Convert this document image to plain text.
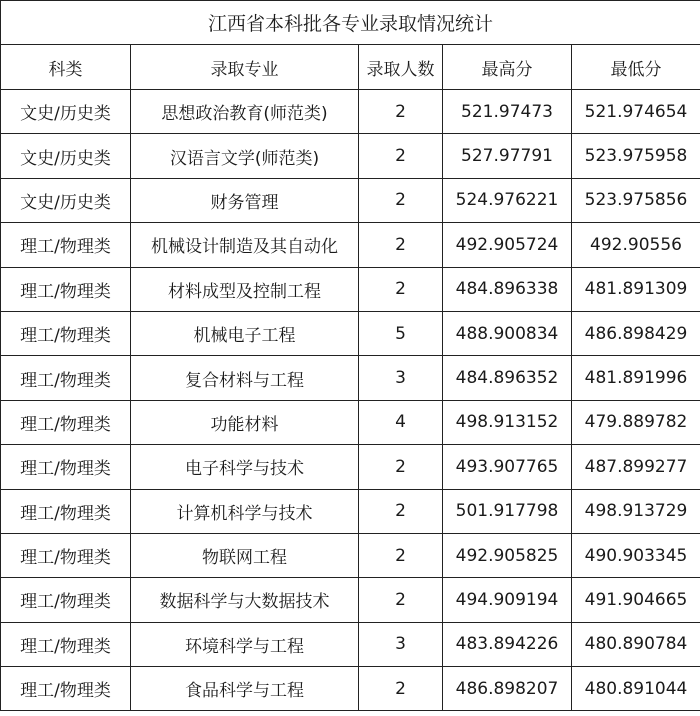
江西省本科批各专业录取情况统计				
科类	录取专业	录取人数	最高分	最低分
文史/历史类	思想政治教育(师范类)	2	521.97473	521.974654
文史/历史类	汉语言文学(师范类)	2	527.97791	523.975958
文史/历史类	财务管理	2	524.976221	523.975856
理工/物理类	机械设计制造及其自动化	2	492.905724	492.90556
理工/物理类	材料成型及控制工程	2	484.896338	481.891309
理工/物理类	机械电子工程	5	488.900834	486.898429
理工/物理类	复合材料与工程	3	484.896352	481.891996
理工/物理类	功能材料	4	498.913152	479.889782
理工/物理类	电子科学与技术	2	493.907765	487.899277
理工/物理类	计算机科学与技术	2	501.917798	498.913729
理工/物理类	物联网工程	2	492.905825	490.903345
理工/物理类	数据科学与大数据技术	2	494.909194	491.904665
理工/物理类	环境科学与工程	3	483.894226	480.890784
理工/物理类	食品科学与工程	2	486.898207	480.891044
